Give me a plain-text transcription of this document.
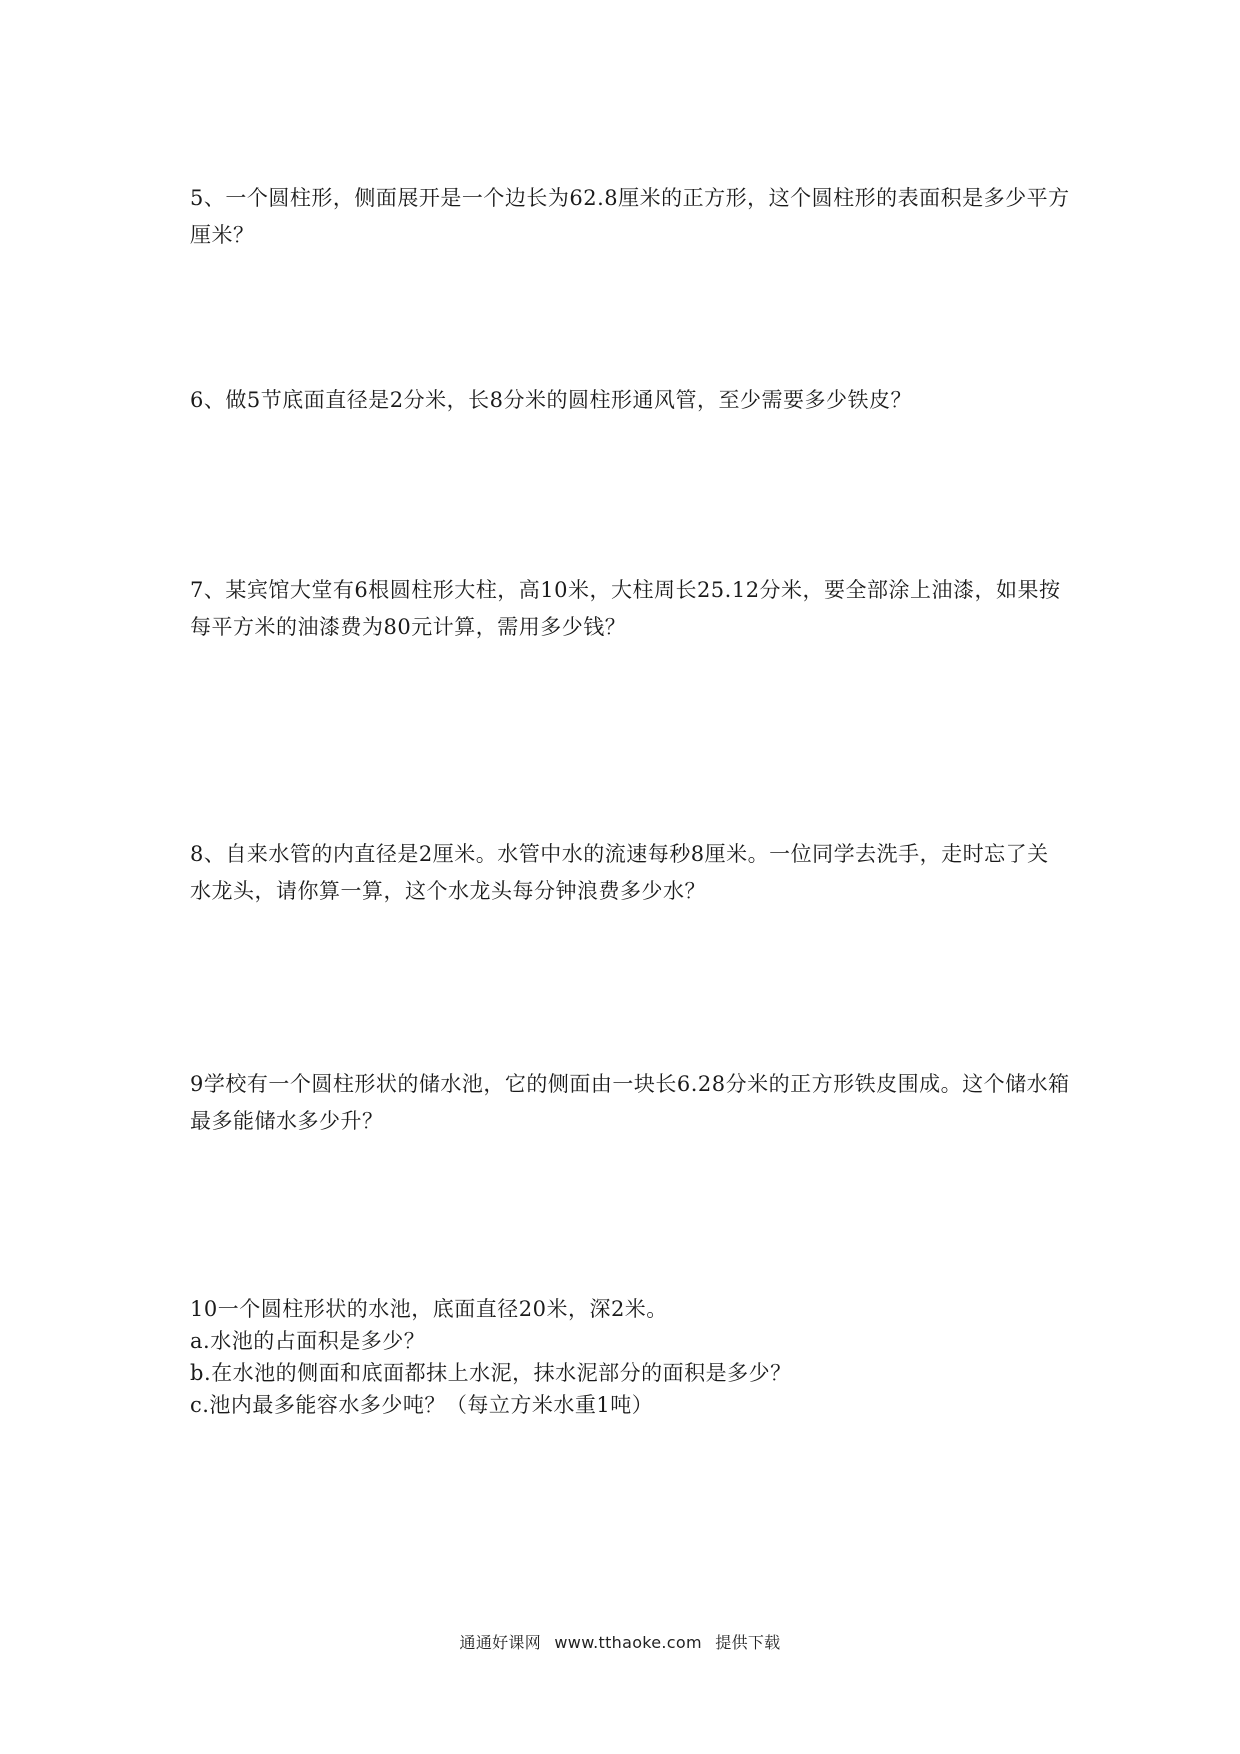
5、一个圆柱形，侧面展开是一个边长为62.8厘米的正方形，这个圆柱形的表面积是多少平方厘米？

6、做5节底面直径是2分米，长8分米的圆柱形通风管，至少需要多少铁皮？

7、某宾馆大堂有6根圆柱形大柱，高10米，大柱周长25.12分米，要全部涂上油漆，如果按每平方米的油漆费为80元计算，需用多少钱？

8、自来水管的内直径是2厘米。水管中水的流速每秒8厘米。一位同学去洗手，走时忘了关水龙头，请你算一算，这个水龙头每分钟浪费多少水？

9学校有一个圆柱形状的储水池，它的侧面由一块长6.28分米的正方形铁皮围成。这个储水箱最多能储水多少升？

10一个圆柱形状的水池，底面直径20米，深2米。

a.水池的占面积是多少？

b.在水池的侧面和底面都抹上水泥，抹水泥部分的面积是多少？

c.池内最多能容水多少吨？（每立方米水重1吨）

通通好课网 www.tthaoke.com 提供下载
